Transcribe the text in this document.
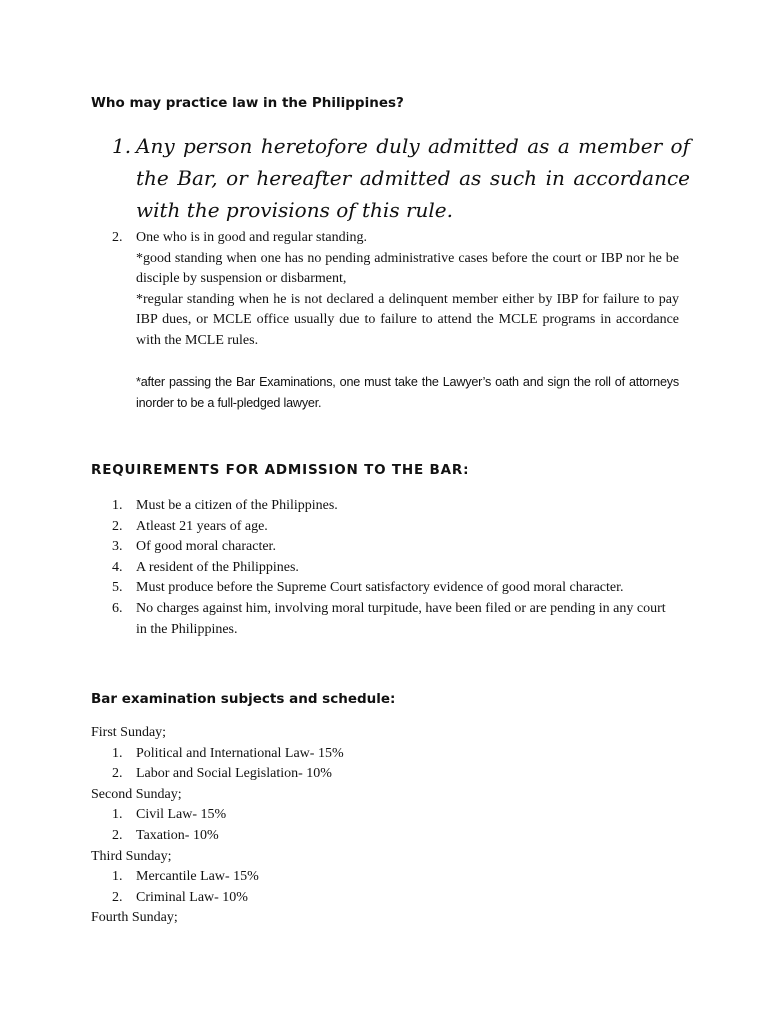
Who may practice law in the Philippines?
1. Any person heretofore duly admitted as a member of the Bar, or hereafter admitted as such in accordance with the provisions of this rule.
2. One who is in good and regular standing.
*good standing when one has no pending administrative cases before the court or IBP nor he be disciple by suspension or disbarment,
*regular standing when he is not declared a delinquent member either by IBP for failure to pay IBP dues, or MCLE office usually due to failure to attend the MCLE programs in accordance with the MCLE rules.
*after passing the Bar Examinations, one must take the Lawyer’s oath and sign the roll of attorneys inorder to be a full-pledged lawyer.
REQUIREMENTS FOR ADMISSION TO THE BAR:
1. Must be a citizen of the Philippines.
2. Atleast 21 years of age.
3. Of good moral character.
4. A resident of the Philippines.
5. Must produce before the Supreme Court satisfactory evidence of good moral character.
6. No charges against him, involving moral turpitude, have been filed or are pending in any court in the Philippines.
Bar examination subjects and schedule:
First Sunday;
1. Political and International Law- 15%
2. Labor and Social Legislation- 10%
Second Sunday;
1. Civil Law- 15%
2. Taxation- 10%
Third Sunday;
1. Mercantile Law- 15%
2. Criminal Law- 10%
Fourth Sunday;
